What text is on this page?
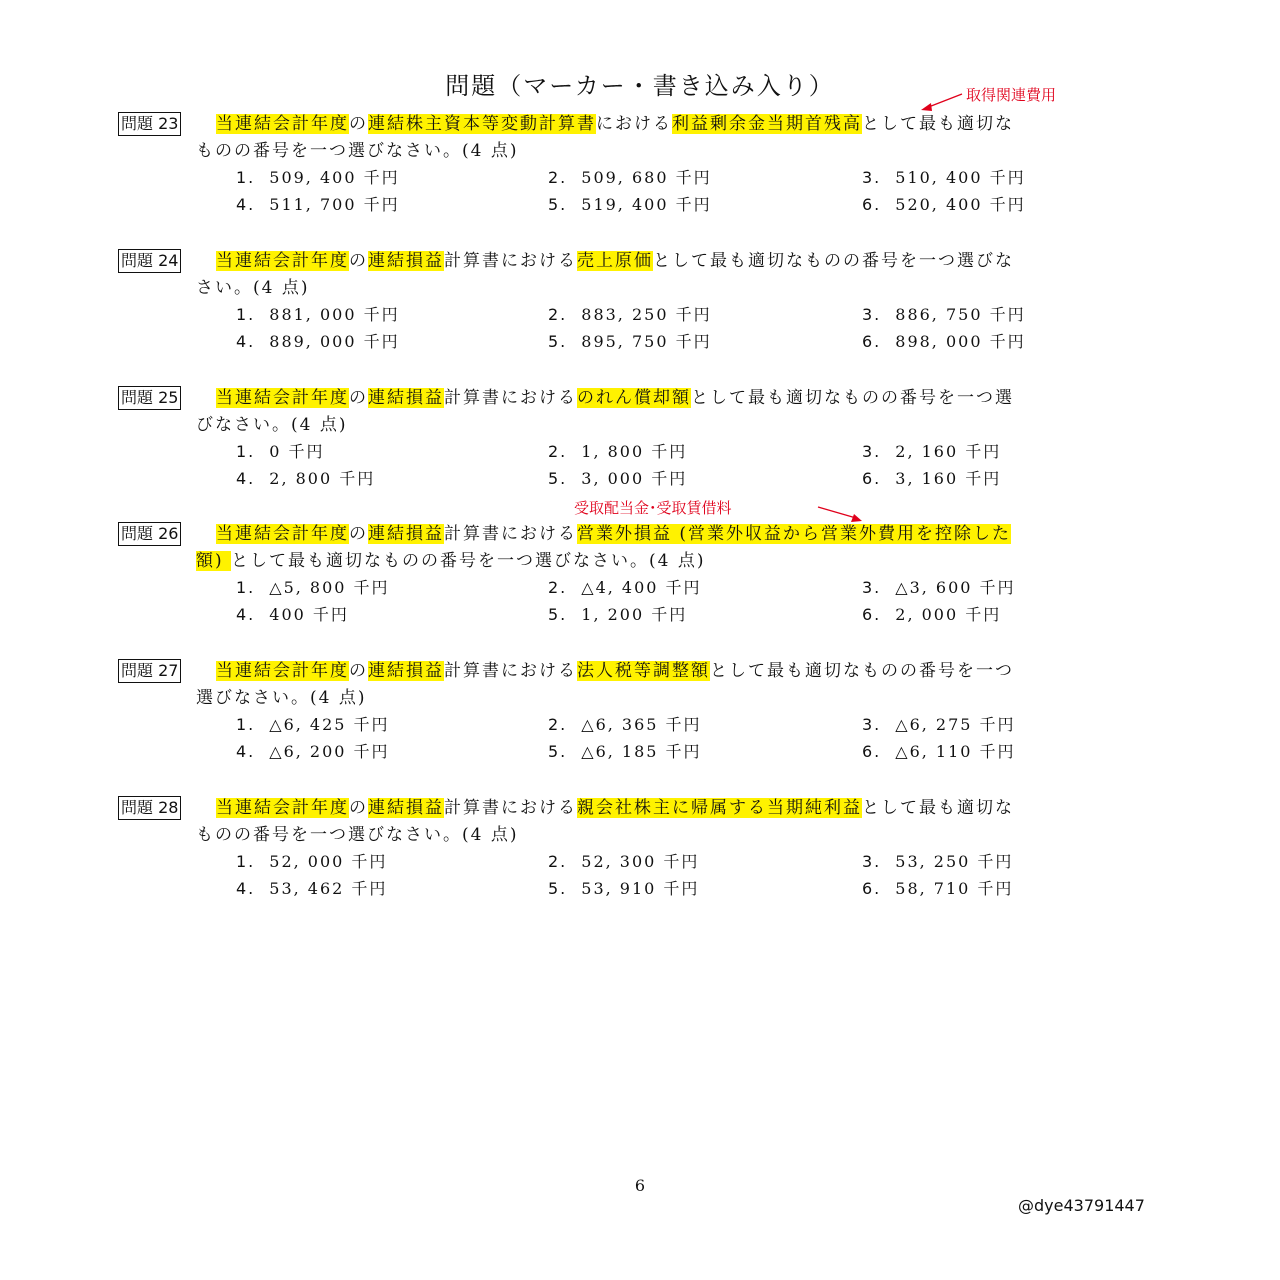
問題（マーカー・書き込み入り）	取得関連費用
受取配当金･受取賃借料
問題 23 当連結会計年度の連結株主資本等変動計算書における利益剰余金当期首残高として最も適切な
ものの番号を一つ選びなさい。(4 点)
1. 509, 400 千円	2. 509, 680 千円	3. 510, 400 千円
4. 511, 700 千円	5. 519, 400 千円	6. 520, 400 千円
問題 24 当連結会計年度の連結損益計算書における売上原価として最も適切なものの番号を一つ選びな
さい。(4 点)
1. 881, 000 千円	2. 883, 250 千円	3. 886, 750 千円
4. 889, 000 千円	5. 895, 750 千円	6. 898, 000 千円
問題 25 当連結会計年度の連結損益計算書におけるのれん償却額として最も適切なものの番号を一つ選
びなさい。(4 点)
1. 0 千円	2. 1, 800 千円	3. 2, 160 千円
4. 2, 800 千円	5. 3, 000 千円	6. 3, 160 千円
問題 26 当連結会計年度の連結損益計算書における営業外損益 (営業外収益から営業外費用を控除した
額) として最も適切なものの番号を一つ選びなさい。(4 点)
1. △5, 800 千円	2. △4, 400 千円	3. △3, 600 千円
4. 400 千円	5. 1, 200 千円	6. 2, 000 千円
問題 27 当連結会計年度の連結損益計算書における法人税等調整額として最も適切なものの番号を一つ
選びなさい。(4 点)
1. △6, 425 千円	2. △6, 365 千円	3. △6, 275 千円
4. △6, 200 千円	5. △6, 185 千円	6. △6, 110 千円
問題 28 当連結会計年度の連結損益計算書における親会社株主に帰属する当期純利益として最も適切な
ものの番号を一つ選びなさい。(4 点)
1. 52, 000 千円	2. 52, 300 千円	3. 53, 250 千円
4. 53, 462 千円	5. 53, 910 千円	6. 58, 710 千円
6
@dye43791447
